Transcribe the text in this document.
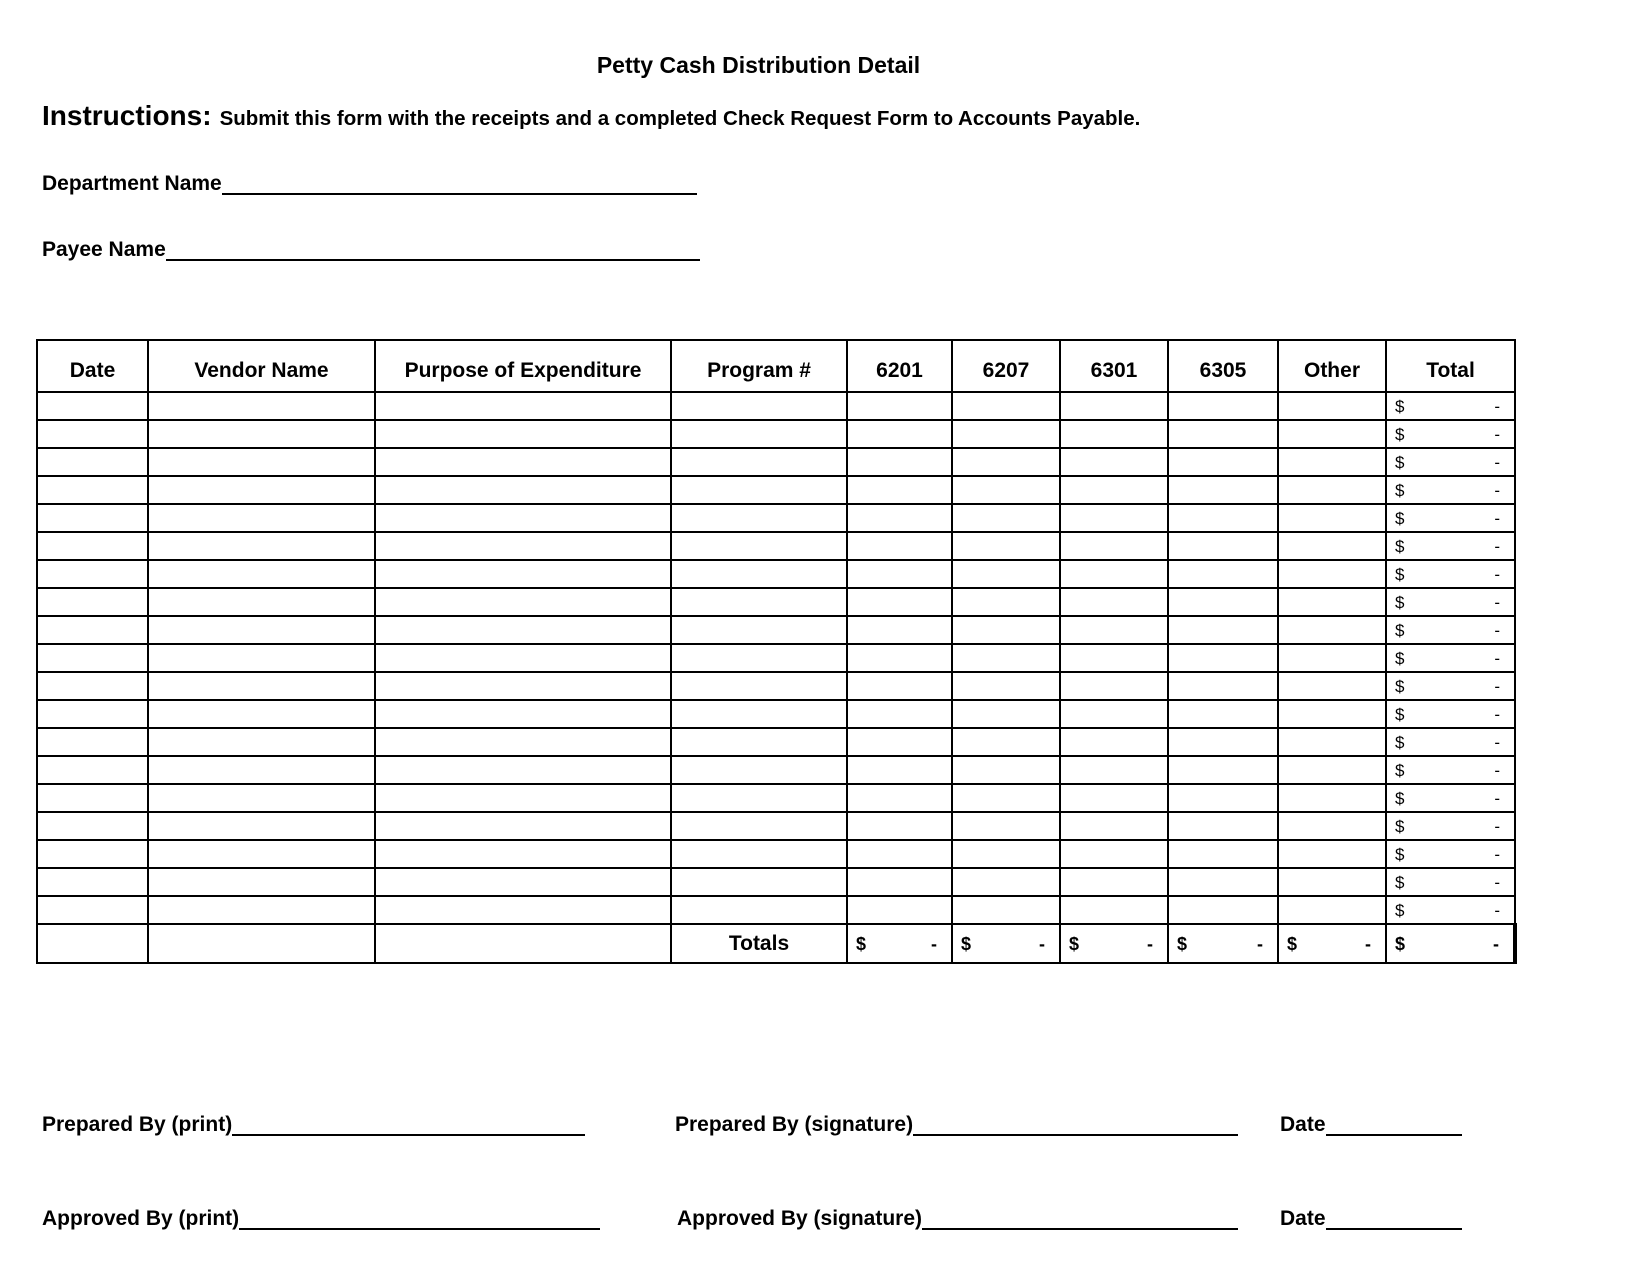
Petty Cash Distribution Detail
Instructions: Submit this form with the receipts and a completed Check Request Form to Accounts Payable.
Department Name
Payee Name
Date	Vendor Name	Purpose of Expenditure	Program #	6201	6207	6301	6305	Other	Total

									$ -

									$ -

									$ -

									$ -

									$ -

									$ -

									$ -

									$ -

									$ -

									$ -

									$ -

									$ -

									$ -

									$ -

									$ -

									$ -

									$ -

									$ -

									$ -

			Totals	$ -	$ -	$ -	$ -	$ -	$ -
Prepared By (print)	Prepared By (signature)	Date
Approved By (print)	Approved By (signature)	Date
